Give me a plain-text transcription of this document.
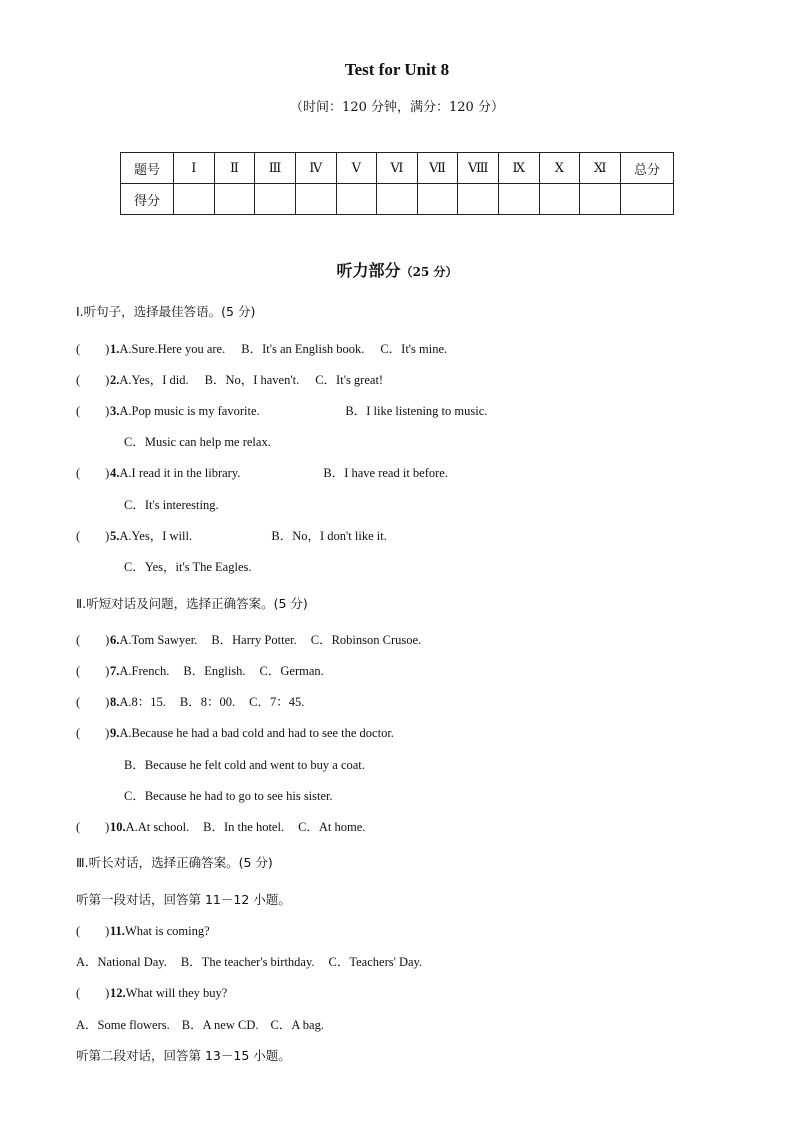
Test for Unit 8
（时间：120 分钟，满分：120 分）
题号	Ⅰ	Ⅱ	Ⅲ	Ⅳ	Ⅴ	Ⅵ	Ⅶ	Ⅷ	Ⅸ	Ⅹ	Ⅺ	总分
得分												
听力部分（25 分）
Ⅰ.听句子，选择最佳答语。(5 分)
(　　)1.A.Sure.Here you are. B．It's an English book. C．It's mine.
(　　)2.A.Yes，I did. B．No，I haven't. C．It's great!
(　　)3.A.Pop music is my favorite.	B．I like listening to music.
C．Music can help me relax.
(　　)4.A.I read it in the library.	B．I have read it before.
C．It's interesting.
(　　)5.A.Yes，I will.	B．No，I don't like it.
C．Yes，it's The Eagles.
Ⅱ.听短对话及问题，选择正确答案。(5 分)
(　　)6.A.Tom Sawyer. B．Harry Potter. C．Robinson Crusoe.
(　　)7.A.French. B．English. C．German.
(　　)8.A.8：15. B．8：00. C．7：45.
(　　)9.A.Because he had a bad cold and had to see the doctor.
B．Because he felt cold and went to buy a coat.
C．Because he had to go to see his sister.
(　　)10.A.At school. B．In the hotel. C．At home.
Ⅲ.听长对话，选择正确答案。(5 分)
听第一段对话，回答第 11－12 小题。
(　　)11.What is coming?
A．National Day. B．The teacher's birthday. C．Teachers' Day.
(　　)12.What will they buy?
A．Some flowers. B．A new CD. C．A bag.
听第二段对话，回答第 13－15 小题。
